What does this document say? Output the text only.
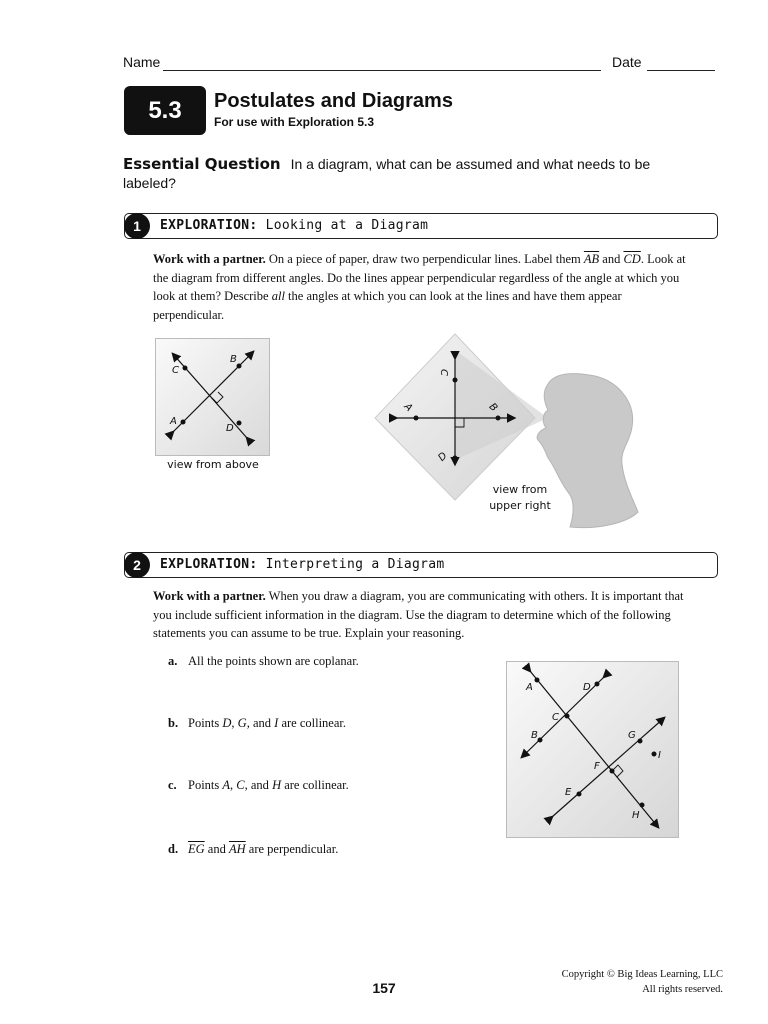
Name	Date
5.3	Postulates and Diagrams
For use with Exploration 5.3
Essential Question In a diagram, what can be assumed and what needs to be labeled?
1	EXPLORATION: Looking at a Diagram
Work with a partner. On a piece of paper, draw two perpendicular lines. Label them $\overline{AB}$ and $\overline{CD}$. Look at the diagram from different angles. Do the lines appear perpendicular regardless of the angle at which you look at them? Describe all the angles at which you can look at the lines and have them appear perpendicular.
C
B
A
D
view from above
C
A	B
D
view from
upper right
2	EXPLORATION: Interpreting a Diagram
Work with a partner. When you draw a diagram, you are communicating with others. It is important that you include sufficient information in the diagram. Use the diagram to determine which of the following statements you can assume to be true. Explain your reasoning.
a. All the points shown are coplanar.
b. Points D, G, and I are collinear.
c. Points A, C, and H are collinear.
d. $\overline{EG}$ and $\overline{AH}$ are perpendicular.
A	D
C
B	G
I
F
E
H
157
Copyright © Big Ideas Learning, LLC
All rights reserved.
